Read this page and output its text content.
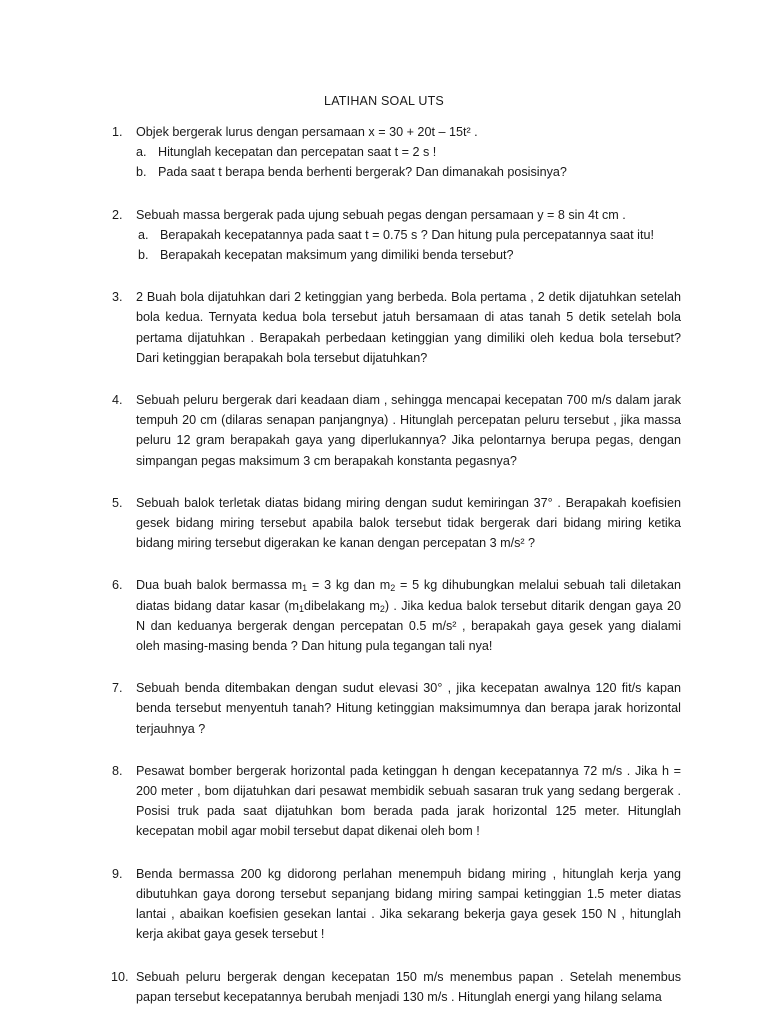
LATIHAN SOAL UTS
1.	Objek bergerak lurus dengan persamaan x = 30 + 20t – 15t² .
a. Hitunglah kecepatan dan percepatan saat t = 2 s !
b. Pada saat t berapa benda berhenti bergerak? Dan dimanakah posisinya?
2.	Sebuah massa bergerak pada ujung sebuah pegas dengan persamaan y = 8 sin 4t cm .
a. Berapakah kecepatannya pada saat t = 0.75 s ? Dan hitung pula percepatannya saat itu!
b. Berapakah kecepatan maksimum yang dimiliki benda tersebut?
3.	2 Buah bola dijatuhkan dari 2 ketinggian yang berbeda. Bola pertama , 2 detik dijatuhkan setelah bola kedua. Ternyata kedua bola tersebut jatuh bersamaan di atas tanah 5 detik setelah bola pertama dijatuhkan . Berapakah perbedaan ketinggian yang dimiliki oleh kedua bola tersebut? Dari ketinggian berapakah bola tersebut dijatuhkan?
4.	Sebuah peluru bergerak dari keadaan diam , sehingga mencapai kecepatan 700 m/s dalam jarak tempuh 20 cm (dilaras senapan panjangnya) . Hitunglah percepatan peluru tersebut , jika massa peluru 12 gram berapakah gaya yang diperlukannya? Jika pelontarnya berupa pegas, dengan simpangan pegas maksimum 3 cm berapakah konstanta pegasnya?
5.	Sebuah balok terletak diatas bidang miring dengan sudut kemiringan 37° . Berapakah koefisien gesek bidang miring tersebut apabila balok tersebut tidak bergerak dari bidang miring ketika bidang miring tersebut digerakan ke kanan dengan percepatan 3 m/s² ?
6.	Dua buah balok bermassa $m_1 = 3$ kg dan $m_2 = 5$ kg dihubungkan melalui sebuah tali diletakan diatas bidang datar kasar ($m_1dibelakang$ $m_2$) . Jika kedua balok tersebut ditarik dengan gaya 20 N dan keduanya bergerak dengan percepatan 0.5 m/s² , berapakah gaya gesek yang dialami oleh masing-masing benda ? Dan hitung pula tegangan tali nya!
7.	Sebuah benda ditembakan dengan sudut elevasi 30° , jika kecepatan awalnya 120 fit/s kapan benda tersebut menyentuh tanah? Hitung ketinggian maksimumnya dan berapa jarak horizontal terjauhnya ?
8.	Pesawat bomber bergerak horizontal pada ketinggan h dengan kecepatannya 72 m/s . Jika h = 200 meter , bom dijatuhkan dari pesawat membidik sebuah sasaran truk yang sedang bergerak . Posisi truk pada saat dijatuhkan bom berada pada jarak horizontal 125 meter. Hitunglah kecepatan mobil agar mobil tersebut dapat dikenai oleh bom !
9.	Benda bermassa 200 kg didorong perlahan menempuh bidang miring , hitunglah kerja yang dibutuhkan gaya dorong tersebut sepanjang bidang miring sampai ketinggian 1.5 meter diatas lantai , abaikan koefisien gesekan lantai . Jika sekarang bekerja gaya gesek 150 N , hitunglah kerja akibat gaya gesek tersebut !
10. Sebuah peluru bergerak dengan kecepatan 150 m/s menembus papan . Setelah menembus papan tersebut kecepatannya berubah menjadi 130 m/s . Hitunglah energi yang hilang selama
